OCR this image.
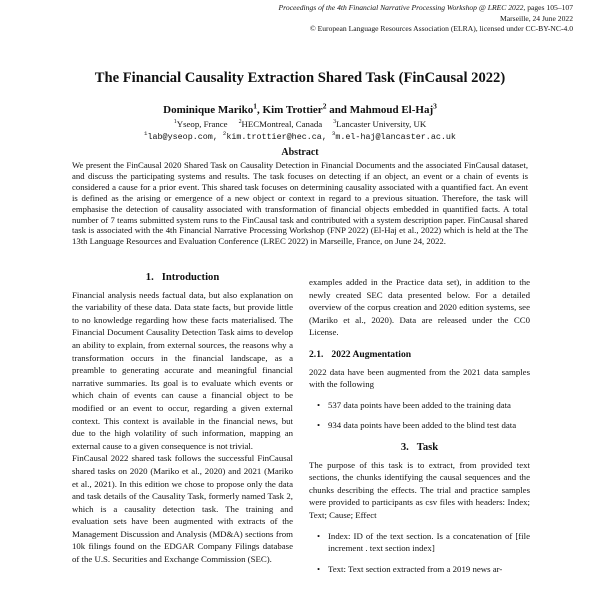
Proceedings of the 4th Financial Narrative Processing Workshop @ LREC 2022, pages 105–107
Marseille, 24 June 2022
© European Language Resources Association (ELRA), licensed under CC-BY-NC-4.0
The Financial Causality Extraction Shared Task (FinCausal 2022)
Dominique Mariko$^1$, Kim Trottier$^2$ and Mahmoud El-Haj$^3$
$^1$Yseop, France $^2$HECMontreal, Canada $^3$Lancaster University, UK
$^1$lab@yseop.com, $^2$kim.trottier@hec.ca, $^3$m.el-haj@lancaster.ac.uk
Abstract

We present the FinCausal 2020 Shared Task on Causality Detection in Financial Documents and the associated FinCausal dataset, and discuss the participating systems and results. The task focuses on detecting if an object, an event or a chain of events is considered a cause for a prior event. This shared task focuses on determining causality associated with a quantified fact. An event is defined as the arising or emergence of a new object or context in regard to a previous situation. Therefore, the task will emphasise the detection of causality associated with transformation of financial objects embedded in quantified facts. A total number of 7 teams submitted system runs to the FinCausal task and contributed with a system description paper. FinCausal shared task is associated with the 4th Financial Narrative Processing Workshop (FNP 2022) (El-Haj et al., 2022) which is held at the The 13th Language Resources and Evaluation Conference (LREC 2022) in Marseille, France, on June 24, 2022.

1. Introduction

Financial analysis needs factual data, but also explanation on the variability of these data. Data state facts, but provide little to no knowledge regarding how these facts materialised. The Financial Document Causality Detection Task aims to develop an ability to explain, from external sources, the reasons why a transformation occurs in the financial landscape, as a preamble to generating accurate and meaningful financial narrative summaries. Its goal is to evaluate which events or which chain of events can cause a financial object to be modified or an event to occur, regarding a given external context. This context is available in the financial news, but due to the high volatility of such information, mapping an external cause to a given consequence is not trivial.

FinCausal 2022 shared task follows the successful FinCausal shared tasks on 2020 (Mariko et al., 2020) and 2021 (Mariko et al., 2021). In this edition we chose to propose only the data and task details of the Causality Task, formerly named Task 2, which is a causality detection task. The training and evaluation sets have been augmented with extracts of the Management Discussion and Analysis (MD&A) sections from 10k filings found on the EDGAR Company Filings database of the U.S. Securities and Exchange Commission (SEC).

examples added in the Practice data set), in addition to the newly created SEC data presented below. For a detailed overview of the corpus creation and 2020 edition systems, see (Mariko et al., 2020). Data are released under the CC0 License.

2.1. 2022 Augmentation

2022 data have been augmented from the 2021 data samples with the following

• 537 data points have been added to the training data
• 934 data points have been added to the blind test data
3. Task

The purpose of this task is to extract, from provided text sections, the chunks identifying the causal sequences and the chunks describing the effects. The trial and practice samples were provided to participants as csv files with headers: Index; Text; Cause; Effect

• Index: ID of the text section. Is a concatenation of [file increment . text section index]
• Text: Text section extracted from a 2019 news ar-
